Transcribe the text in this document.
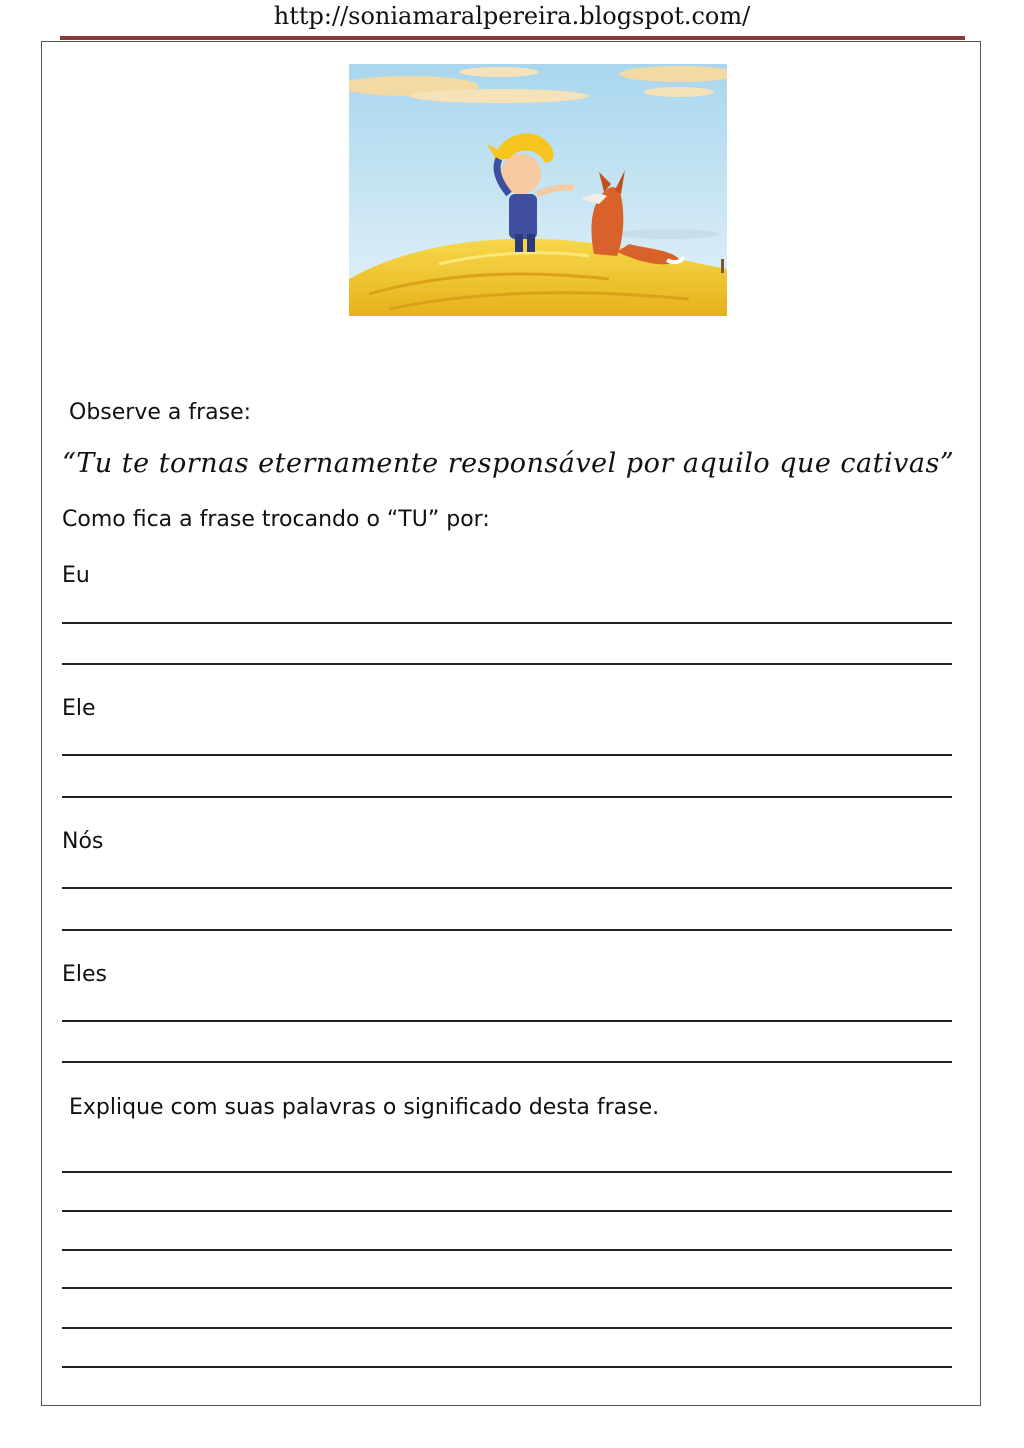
http://soniamaralpereira.blogspot.com/
Observe a frase:
“Tu te tornas eternamente responsável por aquilo que cativas”
Como fica a frase trocando o “TU” por:
Eu
Ele
Nós
Eles
Explique com suas palavras o significado desta frase.
